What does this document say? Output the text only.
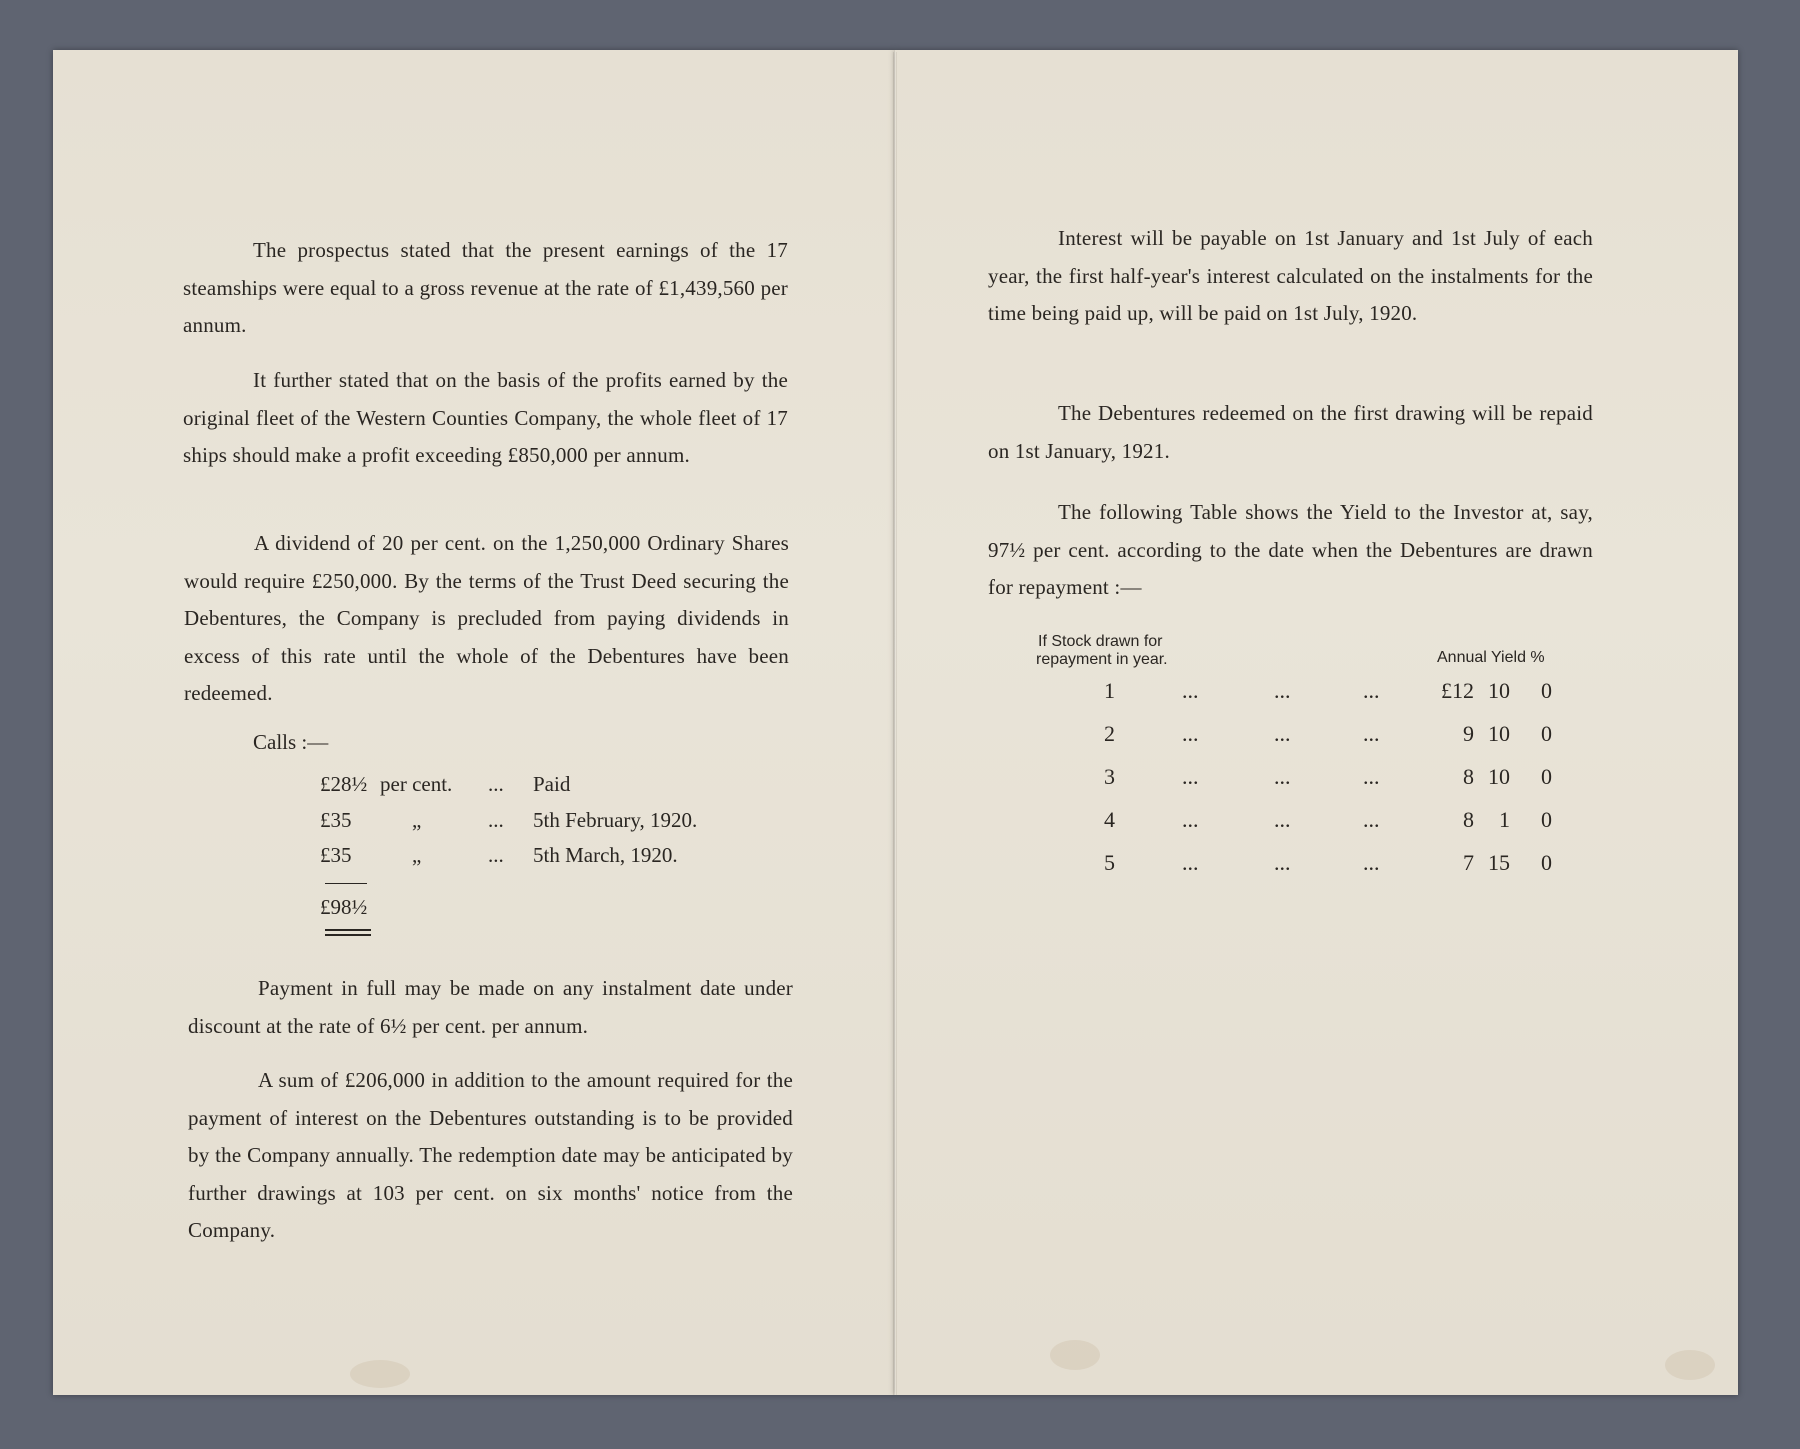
The prospectus stated that the present earnings of the 17 steamships were equal to a gross revenue at the rate of £1,439,560 per annum.

It further stated that on the basis of the profits earned by the original fleet of the Western Counties Company, the whole fleet of 17 ships should make a profit exceeding £850,000 per annum.

A dividend of 20 per cent. on the 1,250,000 Ordinary Shares would require £250,000. By the terms of the Trust Deed securing the Debentures, the Company is precluded from paying dividends in excess of this rate until the whole of the Debentures have been redeemed.

Calls :—
£28½ per cent. ... Paid
£35	„	... 5th February, 1920.
£35	„	... 5th March, 1920.
£98½

Payment in full may be made on any instalment date under discount at the rate of 6½ per cent. per annum.

A sum of £206,000 in addition to the amount required for the payment of interest on the Debentures outstanding is to be provided by the Company annually. The redemption date may be anticipated by further drawings at 103 per cent. on six months' notice from the Company.

Interest will be payable on 1st January and 1st July of each year, the first half-year's interest calculated on the instalments for the time being paid up, will be paid on 1st July, 1920.

The Debentures redeemed on the first drawing will be repaid on 1st January, 1921.

The following Table shows the Yield to the Investor at, say, 97½ per cent. according to the date when the Debentures are drawn for repayment :—

If Stock drawn for
repayment in year.	Annual Yield %
1	...	...	...	£12 10	0
2	...	...	...	9 10	0
3	...	...	...	8 10	0
4	...	...	...	8	1	0
5	...	...	...	7 15	0
